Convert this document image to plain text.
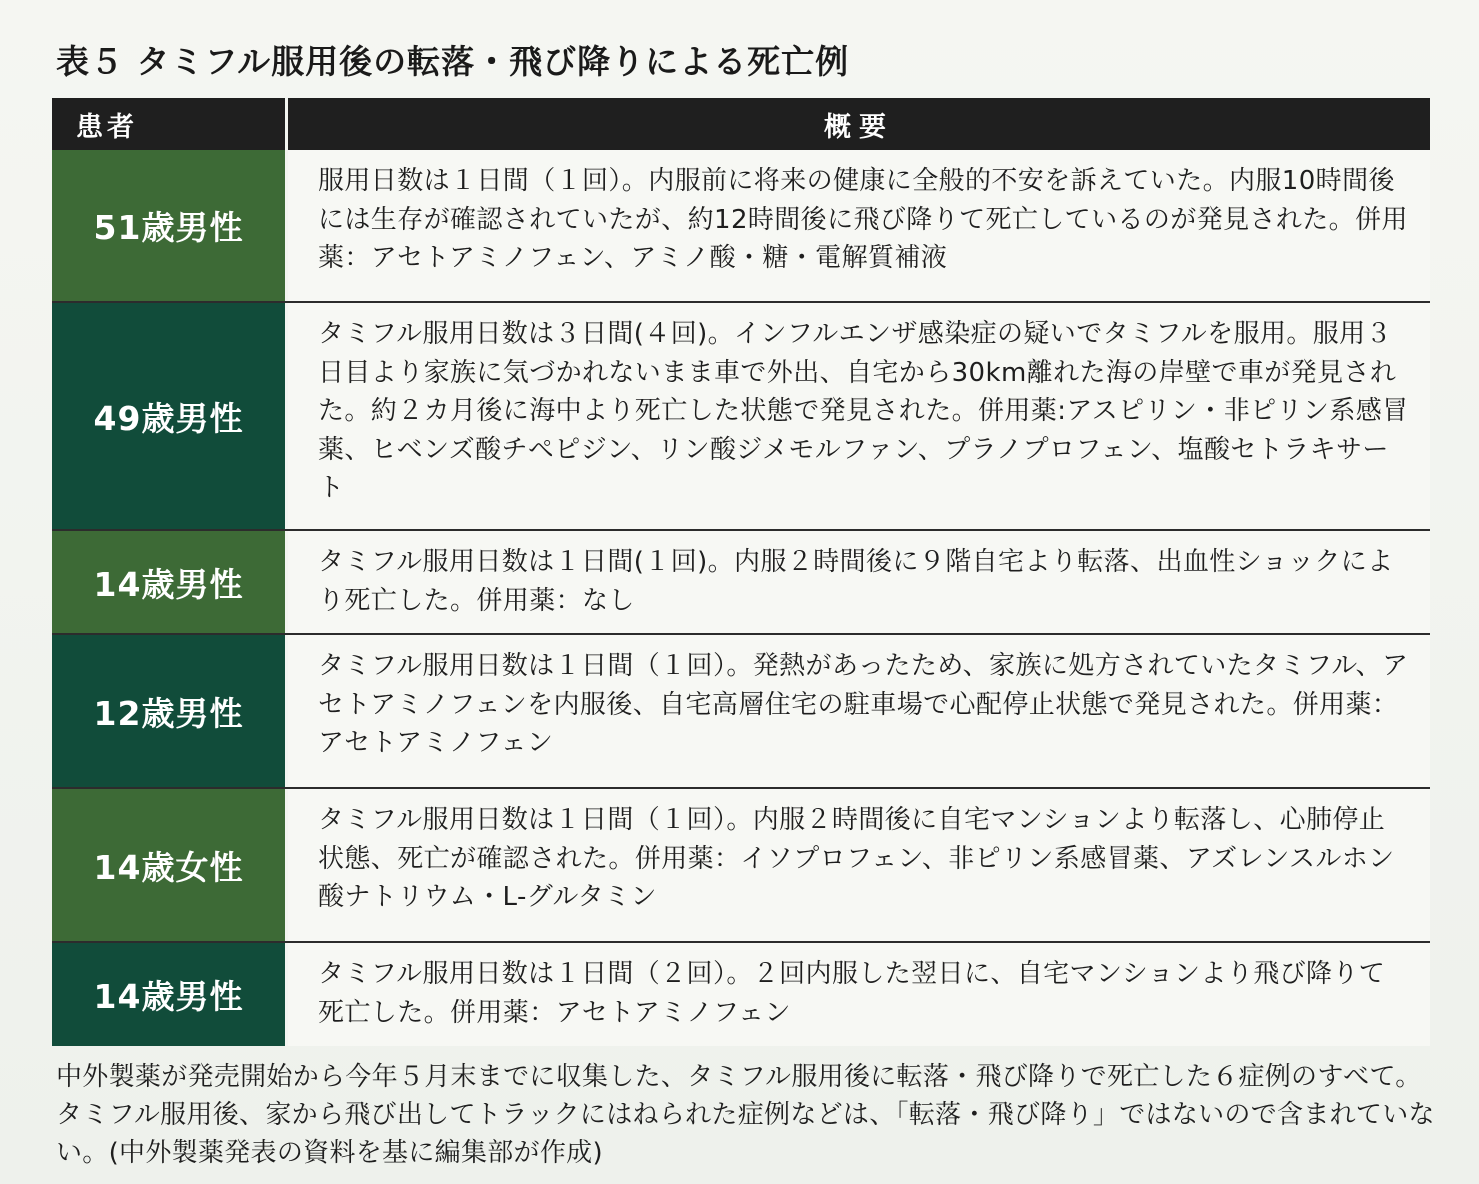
表５ タミフル服用後の転落・飛び降りによる死亡例
患者	概要
51歳男性
服用日数は１日間（１回）。内服前に将来の健康に全般的不安を訴えていた。内服10時間後には生存が確認されていたが、約12時間後に飛び降りて死亡しているのが発見された。併用薬：アセトアミノフェン、アミノ酸・糖・電解質補液
49歳男性
タミフル服用日数は３日間(４回)。インフルエンザ感染症の疑いでタミフルを服用。服用３日目より家族に気づかれないまま車で外出、自宅から30km離れた海の岸壁で車が発見された。約２カ月後に海中より死亡した状態で発見された。併用薬:アスピリン・非ピリン系感冒薬、ヒベンズ酸チペピジン、リン酸ジメモルファン、プラノプロフェン、塩酸セトラキサート
14歳男性
タミフル服用日数は１日間(１回)。内服２時間後に９階自宅より転落、出血性ショックにより死亡した。併用薬：なし
12歳男性
タミフル服用日数は１日間（１回）。発熱があったため、家族に処方されていたタミフル、アセトアミノフェンを内服後、自宅高層住宅の駐車場で心配停止状態で発見された。併用薬：アセトアミノフェン
14歳女性
タミフル服用日数は１日間（１回）。内服２時間後に自宅マンションより転落し、心肺停止状態、死亡が確認された。併用薬：イソプロフェン、非ピリン系感冒薬、アズレンスルホン酸ナトリウム・L-グルタミン
14歳男性
タミフル服用日数は１日間（２回）。２回内服した翌日に、自宅マンションより飛び降りて死亡した。併用薬：アセトアミノフェン
中外製薬が発売開始から今年５月末までに収集した、タミフル服用後に転落・飛び降りで死亡した６症例のすべて。タミフル服用後、家から飛び出してトラックにはねられた症例などは、「転落・飛び降り」ではないので含まれていない。(中外製薬発表の資料を基に編集部が作成)
